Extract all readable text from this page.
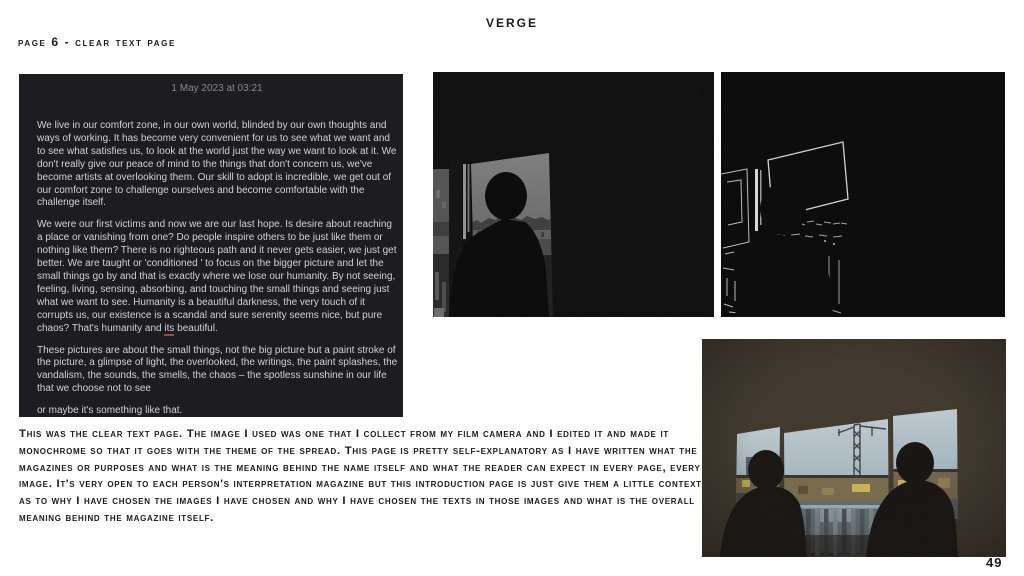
VERGE
page 6 - clear text page
1 May 2023 at 03:21

We live in our comfort zone, in our own world, blinded by our own thoughts and ways of working. It has become very convenient for us to see what we want and to see what satisfies us, to look at the world just the way we want to look at it. We don't really give our peace of mind to the things that don't concern us, we've become artists at overlooking them. Our skill to adopt is incredible, we get out of our comfort zone to challenge ourselves and become comfortable with the challenge itself.

We were our first victims and now we are our last hope. Is desire about reaching a place or vanishing from one? Do people inspire others to be just like them or nothing like them? There is no righteous path and it never gets easier, we just get better. We are taught or 'conditioned ' to focus on the bigger picture and let the small things go by and that is exactly where we lose our humanity. By not seeing, feeling, living, sensing, absorbing, and touching the small things and seeing just what we want to see. Humanity is a beautiful darkness, the very touch of it corrupts us, our existence is a scandal and sure serenity seems nice, but pure chaos? That's humanity and its beautiful.

These pictures are about the small things, not the big picture but a paint stroke of the picture, a glimpse of light, the overlooked, the writings, the paint splashes, the vandalism, the sounds, the smells, the chaos – the spotless sunshine in our life that we choose not to see

or maybe it's something like that.

This was the clear text page. The image I used was one that I collect from my film camera and I edited it and made it monochrome so that it goes with the theme of the spread. This page is pretty self-explanatory as I have written what the magazines or purposes and what is the meaning behind the name itself and what the reader can expect in every page, every image. It's very open to each person's interpretation magazine but this introduction page is just give them a little context as to why I have chosen the images I have chosen and why I have chosen the texts in those images and what is the overall meaning behind the magazine itself.
49
